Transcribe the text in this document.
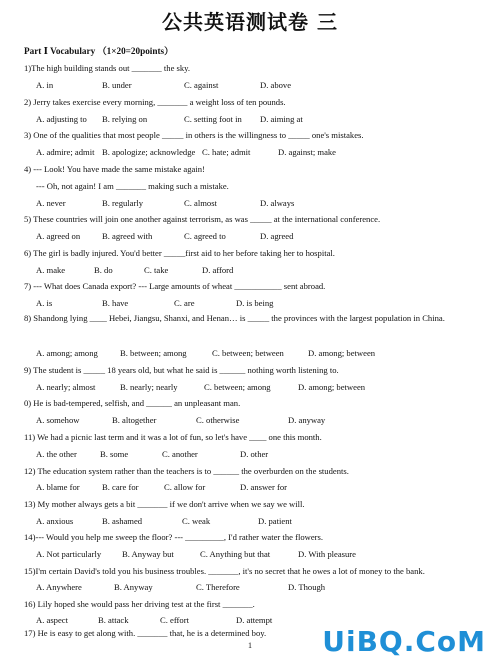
公共英语测试卷 三
Part Ⅰ Vocabulary （1×20=20points）
1)The high building stands out _______ the sky.
A. in	B. under	C. against	D. above
2) Jerry takes exercise every morning, _______ a weight loss of ten pounds.
A. adjusting to B. relying on	C. setting foot in D. aiming at
3) One of the qualities that most people _____ in others is the willingness to _____ one's mistakes.
A. admire; admit B. apologize; acknowledge C. hate; admit	D. against; make
4) --- Look! You have made the same mistake again!
--- Oh, not again! I am _______ making such a mistake.
A. never	B. regularly	C. almost	D. always
5) These countries will join one another against terrorism, as was _____ at the international conference.
A. agreed on	B. agreed with	C. agreed to	D. agreed
6) The girl is badly injured. You'd better _____first aid to her before taking her to hospital.
A. make	B. do	C. take	D. afford
7) --- What does Canada export? --- Large amounts of wheat ___________ sent abroad.
A. is	B. have	C. are	D. is being
8) Shandong lying ____ Hebei, Jiangsu, Shanxi, and Henan… is _____ the provinces with the largest population in China.
A. among; among	B. between; among	C. between; between	D. among; between
9) The student is _____ 18 years old, but what he said is ______ nothing worth listening to.
A. nearly; almost	B. nearly; nearly	C. between; among	D. among; between
0) He is bad-tempered, selfish, and ______ an unpleasant man.
A. somehow	B. altogether	C. otherwise	D. anyway
11) We had a picnic last term and it was a lot of fun, so let's have ____ one this month.
A. the other	B. some	C. another	D. other
12) The education system rather than the teachers is to ______ the overburden on the students.
A. blame for	B. care for	C. allow for	D. answer for
13) My mother always gets a bit _______ if we don't arrive when we say we will.
A. anxious	B. ashamed	C. weak	D. patient
14)--- Would you help me sweep the floor? --- _________, I'd rather water the flowers.
A. Not particularly B. Anyway but	C. Anything but that	D. With pleasure
15)I'm certain David's told you his business troubles. _______, it's no secret that he owes a lot of money to the bank.
A. Anywhere	B. Anyway	C. Therefore	D. Though
16) Lily hoped she would pass her driving test at the first _______.
A. aspect	B. attack	C. effort	D. attempt
17) He is easy to get along with. _______ that, he is a determined boy.
1	UiBQ.CoM
